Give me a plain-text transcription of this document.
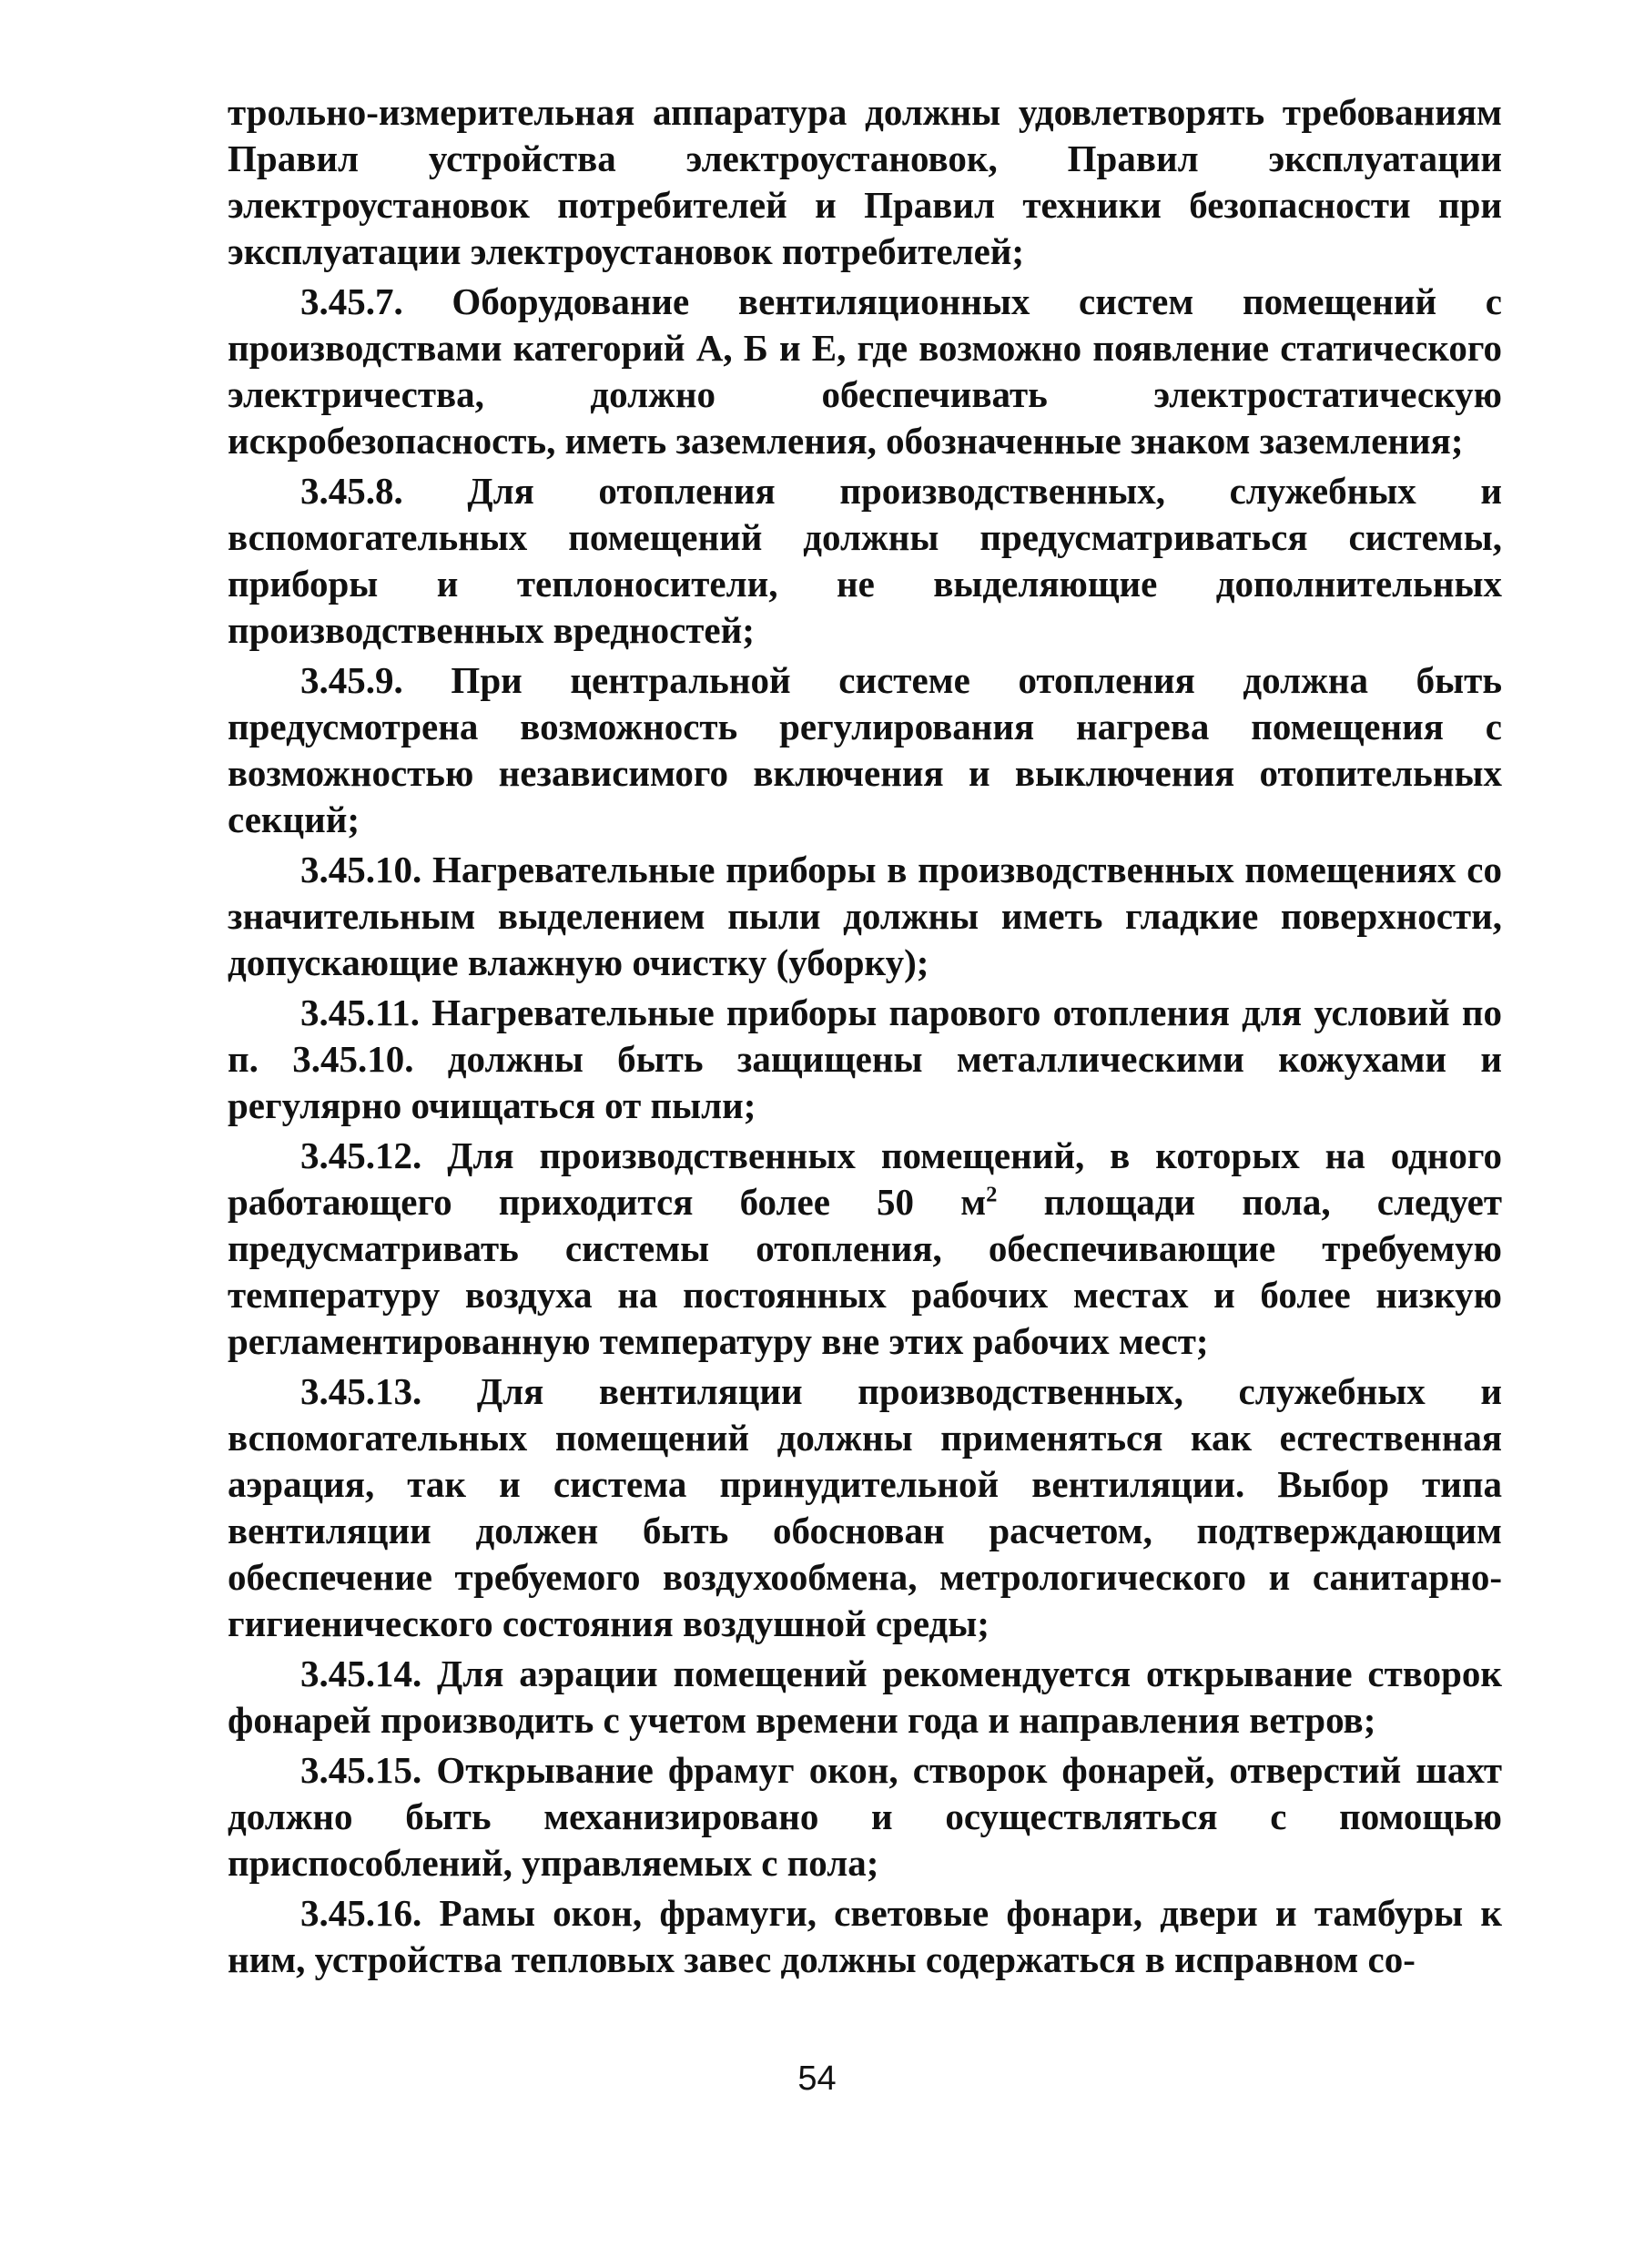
трольно-измерительная аппаратура должны удовлетворять требованиям Правил устройства электроустановок, Правил эксплуатации электроустановок потребителей и Правил техники безопасности при эксплуатации электроустановок потребителей;

3.45.7. Оборудование вентиляционных систем помещений с производствами категорий А, Б и Е, где возможно появление статического электричества, должно обеспечивать электростатическую искробезопасность, иметь заземления, обозначенные знаком заземления;

3.45.8. Для отопления производственных, служебных и вспомогательных помещений должны предусматриваться системы, приборы и теплоносители, не выделяющие дополнительных производственных вредностей;

3.45.9. При центральной системе отопления должна быть предусмотрена возможность регулирования нагрева помещения с возможностью независимого включения и выключения отопительных секций;

3.45.10. Нагревательные приборы в производственных помещениях со значительным выделением пыли должны иметь гладкие поверхности, допускающие влажную очистку (уборку);

3.45.11. Нагревательные приборы парового отопления для условий по п. 3.45.10. должны быть защищены металлическими кожухами и регулярно очищаться от пыли;

3.45.12. Для производственных помещений, в которых на одного работающего приходится более 50 $м^2$ площади пола, следует предусматривать системы отопления, обеспечивающие требуемую температуру воздуха на постоянных рабочих местах и более низкую регламентированную температуру вне этих рабочих мест;

3.45.13. Для вентиляции производственных, служебных и вспомогательных помещений должны применяться как естественная аэрация, так и система принудительной вентиляции. Выбор типа вентиляции должен быть обоснован расчетом, подтверждающим обеспечение требуемого воздухообмена, метрологического и санитарно-гигиенического состояния воздушной среды;

3.45.14. Для аэрации помещений рекомендуется открывание створок фонарей производить с учетом времени года и направления ветров;

3.45.15. Открывание фрамуг окон, створок фонарей, отверстий шахт должно быть механизировано и осуществляться с помощью приспособлений, управляемых с пола;

3.45.16. Рамы окон, фрамуги, световые фонари, двери и тамбуры к ним, устройства тепловых завес должны содержаться в исправном со-

54
